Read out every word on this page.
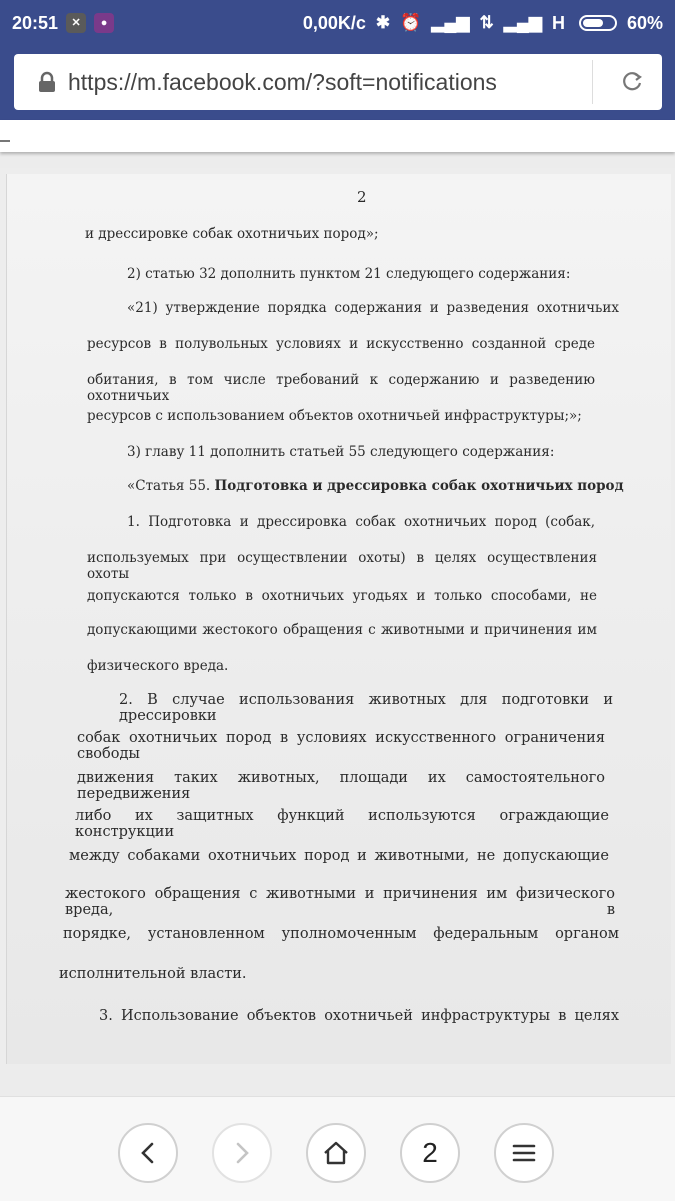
20:51	✕	●	0,00K/c ✱ ⏰ ▂▄▆ ⇅ ▂▄▆ H	60%
https://m.facebook.com/?soft=notifications
2
и дрессировке собак охотничьих пород»;
2) статью 32 дополнить пунктом 21 следующего содержания:
«21) утверждение порядка содержания и разведения охотничьих
ресурсов в полувольных условиях и искусственно созданной среде
обитания, в том числе требований к содержанию и разведению охотничьих
ресурсов с использованием объектов охотничьей инфраструктуры;»;
3) главу 11 дополнить статьей 55 следующего содержания:
«Статья 55. Подготовка и дрессировка собак охотничьих пород
1. Подготовка и дрессировка собак охотничьих пород (собак,
используемых при осуществлении охоты) в целях осуществления охоты
допускаются только в охотничьих угодьях и только способами, не
допускающими жестокого обращения с животными и причинения им
физического вреда.
2. В случае использования животных для подготовки и дрессировки
собак охотничьих пород в условиях искусственного ограничения свободы
движения таких животных, площади их самостоятельного передвижения
либо их защитных функций используются ограждающие конструкции
между собаками охотничьих пород и животными, не допускающие
жестокого обращения с животными и причинения им физического вреда, в
порядке, установленном уполномоченным федеральным органом
исполнительной власти.
3. Использование объектов охотничьей инфраструктуры в целях
2
